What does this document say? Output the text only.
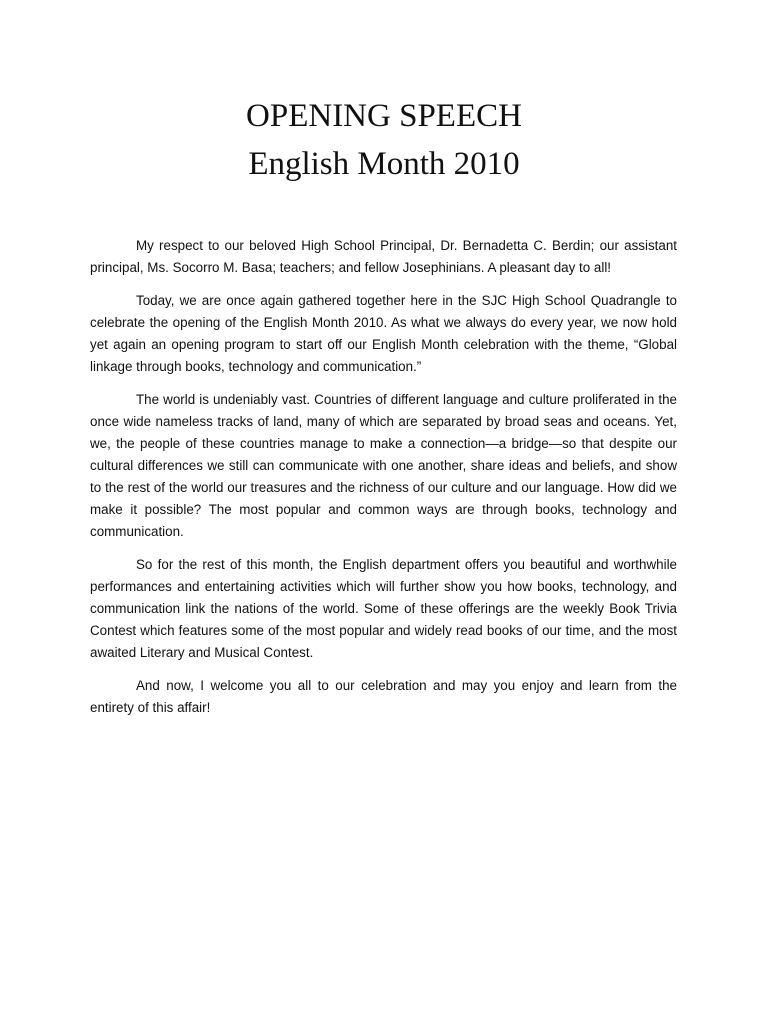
OPENING SPEECH
English Month 2010

My respect to our beloved High School Principal, Dr. Bernadetta C. Berdin; our assistant principal, Ms. Socorro M. Basa; teachers; and fellow Josephinians. A pleasant day to all!

Today, we are once again gathered together here in the SJC High School Quadrangle to celebrate the opening of the English Month 2010. As what we always do every year, we now hold yet again an opening program to start off our English Month celebration with the theme, “Global linkage through books, technology and communication.”

The world is undeniably vast. Countries of different language and culture proliferated in the once wide nameless tracks of land, many of which are separated by broad seas and oceans. Yet, we, the people of these countries manage to make a connection—a bridge—so that despite our cultural differences we still can communicate with one another, share ideas and beliefs, and show to the rest of the world our treasures and the richness of our culture and our language. How did we make it possible? The most popular and common ways are through books, technology and communication.

So for the rest of this month, the English department offers you beautiful and worthwhile performances and entertaining activities which will further show you how books, technology, and communication link the nations of the world. Some of these offerings are the weekly Book Trivia Contest which features some of the most popular and widely read books of our time, and the most awaited Literary and Musical Contest.

And now, I welcome you all to our celebration and may you enjoy and learn from the entirety of this affair!
